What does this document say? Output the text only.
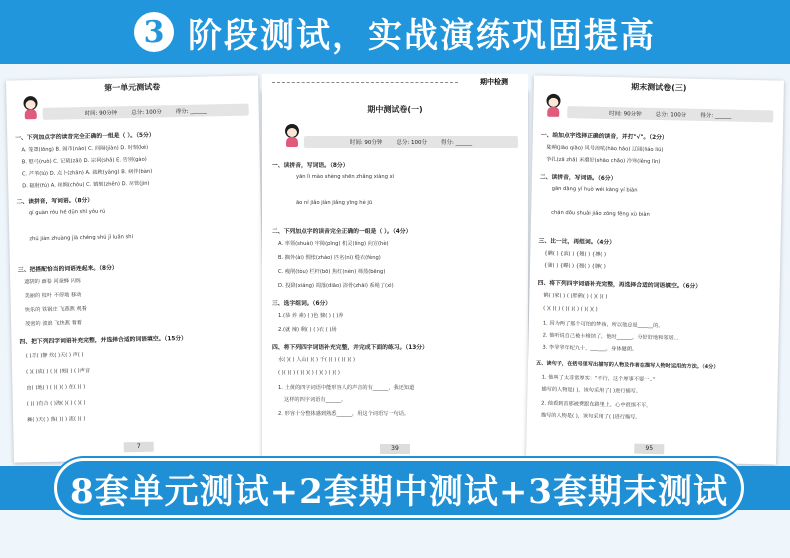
3 阶段测试，实战演练巩固提高
第一单元测试卷
时间: 90分钟	总分: 100分	得分: ______
一、下列加点字的读音完全正确的一组是（ ）。（5分）
A. 笼罩(lǒng) B. 闹市(nào) C. 间隔(jiàn) D. 时刻(kè)
B. 慰弓(ruò) C. 记载(zǎi) D. 宗祠(shǎ) E. 告别(gào)
C. 芦苇(lú) D. 点卜(zhān) A. 栽秧(yāng) B. 病伴(bàn)
D. 辐射(fú) A. 丝绸(chóu) C. 镇刻(zhēn) D. 尽管(jìn)
二、读拼音，写词语。（8分）
qí guàn róu hé dūn shǐ yóu rú
zhú jiàn zhuàng jià chéng shú jǐ luǎn shí
三、把搭配恰当的词语连起来。（8分）
遮阴的 画卷 河蚕蜂 闪烁
美丽的 枝叶 不停地 移动
快乐的 铁锅庄 飞燕燕 观看
茂密的 波浪 飞快燕 看着
四、把下列四字词语补充完整，并选择合适的词语填空。（15分）
( )羊( )静 炊( )天( ) 声( )
( )( )成( ) ( )( )刻( ) ( )声音
由( )地( ) ( )( )( ) 在( )( )
( )( )有合 ( )海( )( ) ( )( )
舞( )天( ) 落( )( ) 流( )( )
7
期中测试卷(一)
时间: 90分钟	总分: 100分	得分: ______
一、读拼音，写词语。（8分）
yān lì mào shèng shēn zhǎng xiàng xì
āo ní jiǎo jiàn jiǎng yīng hè jū
二、下列加点字的读音完全正确的一组是（ ）。（4分）
A. 率领(shuài) 牢障(pīng) 机灵(líng) 向宣(hè)
B. 搁外(ài) 惆怅(zhào) 匹名(nì) 缝衣(fèng)
C. 瘦削(tòu) 栏杆(bō) 焦红(nèn) 筛蒸(bēng)
D. 投降(xiáng) 凋落(diāo) 浴骨(zhāi) 系绳了(xì)
三、选字组词。（6分）
1.(恭 养 素) ( )色 慷( ) ( )养
2.(就 辣) 剩( ) ( )衣 ( )场
四、将下列四字词语补充完整，并完成下面的练习。（13分）
水( )( ) 人山( )( ) 千( )( ) ( )( )( )
( )( )( ) ( )( )( ) ( )( ) ( )( )
1. 土黄的四字词语中能形容人的声音的有______，我还知道
这样的四字词语有______。
2. 形容十分整体感到熟悉______，用这个词语写一句话。
39
期中检测
期末测试卷(三)
时间: 90分钟	总分: 100分	得分: ______
一、给加点字选择正确的读音，并打"√"。（2分）
陡峭(jiāo qiào) 风号浪吼(hào háo) 辽阔(liáo liú)
争扎(zā zhā) 米磨好(shāo chǎo) 冷寒(lěng lǐn)
二、读拼音，写词语。（6分）
gān dàng yí huò wéi kàng yí biàn
chán dōu shuài jiǎo zōng fēng xù biàn
三、比一比，再组词。（4分）
{瞒( ) {滨( ) {翘( ) {搏( )
{蒲( ) {蝶( ) {翘( ) {膊( )
四、将下列四字词语补充完整，再选择合适的词语填空。（6分）
鹤( )家( ) ( )胖鹤( ) ( )( )( )
( )( )( ) ( )( )( ) ( )( )( )
1. 因为两了那个可怕的梦孩，所以他总是______的。
2. 他听说自己被卡格纳了，他时______，分好好地和邻居...
3. 李爷爷年纪九十，______，身体健朗。
五、读句子，在括号里写出描写的人物及作者在描写人物时运用的方法。（4分）
1. 他叫了太非常厚实："不行，这个厚事不要一.."
描写的人物是( )，该句采用了( )进行描写。
2. 他看到首那被费跟在路里上，心中很惧不平。
描写的人物是( )，该句采用了( )进行描写。
95
8套单元测试+2套期中测试+3套期末测试
